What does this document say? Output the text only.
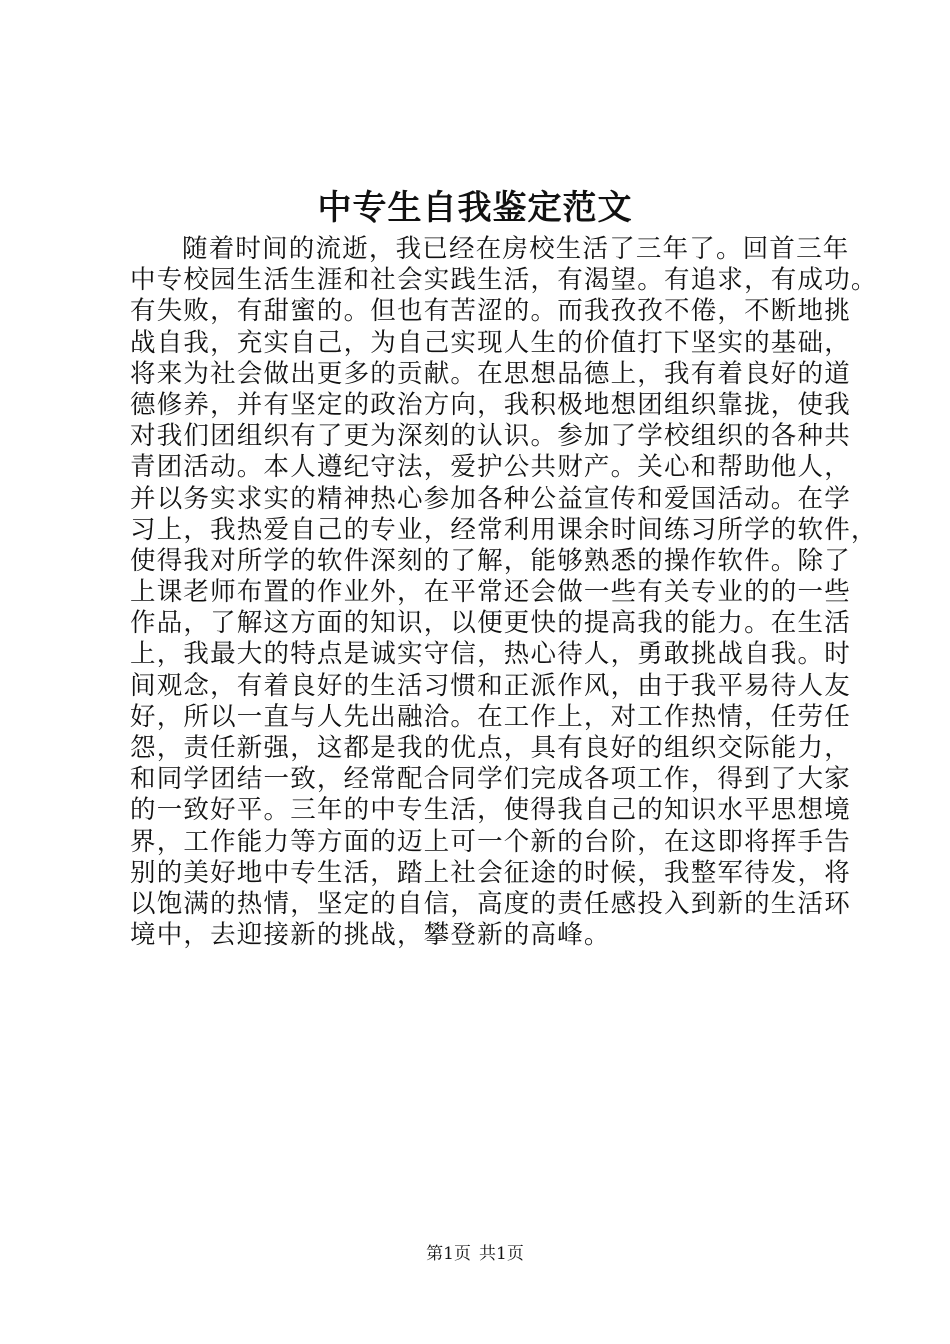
中专生自我鉴定范文
随着时间的流逝，我已经在房校生活了三年了。回首三年
中专校园生活生涯和社会实践生活，有渴望。有追求，有成功。
有失败，有甜蜜的。但也有苦涩的。而我孜孜不倦，不断地挑
战自我，充实自己，为自己实现人生的价值打下坚实的基础，
将来为社会做出更多的贡献。在思想品德上，我有着良好的道
德修养，并有坚定的政治方向，我积极地想团组织靠拢，使我
对我们团组织有了更为深刻的认识。参加了学校组织的各种共
青团活动。本人遵纪守法，爱护公共财产。关心和帮助他人，
并以务实求实的精神热心参加各种公益宣传和爱国活动。在学
习上，我热爱自己的专业，经常利用课余时间练习所学的软件，
使得我对所学的软件深刻的了解，能够熟悉的操作软件。除了
上课老师布置的作业外，在平常还会做一些有关专业的的一些
作品，了解这方面的知识，以便更快的提高我的能力。在生活
上，我最大的特点是诚实守信，热心待人，勇敢挑战自我。时
间观念，有着良好的生活习惯和正派作风，由于我平易待人友
好，所以一直与人先出融洽。在工作上，对工作热情，任劳任
怨，责任新强，这都是我的优点，具有良好的组织交际能力，
和同学团结一致，经常配合同学们完成各项工作，得到了大家
的一致好平。三年的中专生活，使得我自己的知识水平思想境
界，工作能力等方面的迈上可一个新的台阶，在这即将挥手告
别的美好地中专生活，踏上社会征途的时候，我整军待发，将
以饱满的热情，坚定的自信，高度的责任感投入到新的生活环
境中，去迎接新的挑战，攀登新的高峰。
第1页 共1页
